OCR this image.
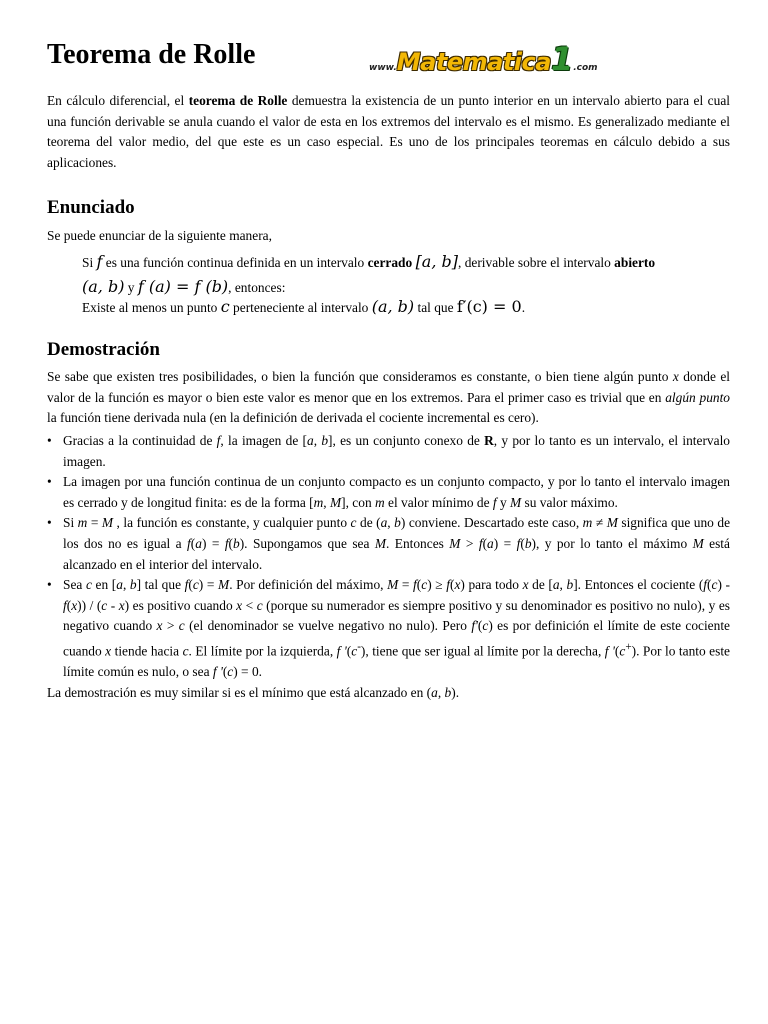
Teorema de Rolle	www.Matematica1.com

En cálculo diferencial, el teorema de Rolle demuestra la existencia de un punto interior en un intervalo abierto para el cual una función derivable se anula cuando el valor de esta en los extremos del intervalo es el mismo. Es generalizado mediante el teorema del valor medio, del que este es un caso especial. Es uno de los principales teoremas en cálculo debido a sus aplicaciones.

Enunciado

Se puede enunciar de la siguiente manera,

Si f es una función continua definida en un intervalo cerrado [a, b], derivable sobre el intervalo abierto
(a, b) y f (a) = f (b), entonces:

Existe al menos un punto c perteneciente al intervalo (a, b) tal que f′(c) = 0.

Demostración

Se sabe que existen tres posibilidades, o bien la función que consideramos es constante, o bien tiene algún punto x donde el valor de la función es mayor o bien este valor es menor que en los extremos. Para el primer caso es trivial que en algún punto la función tiene derivada nula (en la definición de derivada el cociente incremental es cero).

• Gracias a la continuidad de f, la imagen de [a, b], es un conjunto conexo de R, y por lo tanto es un intervalo, el intervalo imagen.
• La imagen por una función continua de un conjunto compacto es un conjunto compacto, y por lo tanto el intervalo imagen es cerrado y de longitud finita: es de la forma [m, M], con m el valor mínimo de f y M su valor máximo.
• Si m = M , la función es constante, y cualquier punto c de (a, b) conviene. Descartado este caso, m ≠ M significa que uno de los dos no es igual a f(a) = f(b). Supongamos que sea M. Entonces M > f(a) = f(b), y por lo tanto el máximo M está alcanzado en el interior del intervalo.
• Sea c en [a, b] tal que f(c) = M. Por definición del máximo, M = f(c) ≥ f(x) para todo x de [a, b]. Entonces el cociente (f(c) - f(x)) / (c - x) es positivo cuando x < c (porque su numerador es siempre positivo y su denominador es positivo no nulo), y es negativo cuando x > c (el denominador se vuelve negativo no nulo). Pero f'(c) es por definición el límite de este cociente cuando x tiende hacia c. El límite por la izquierda, f '(c-), tiene que ser igual al límite por la derecha, f '(c+). Por lo tanto este límite común es nulo, o sea f '(c) = 0.

La demostración es muy similar si es el mínimo que está alcanzado en (a, b).
